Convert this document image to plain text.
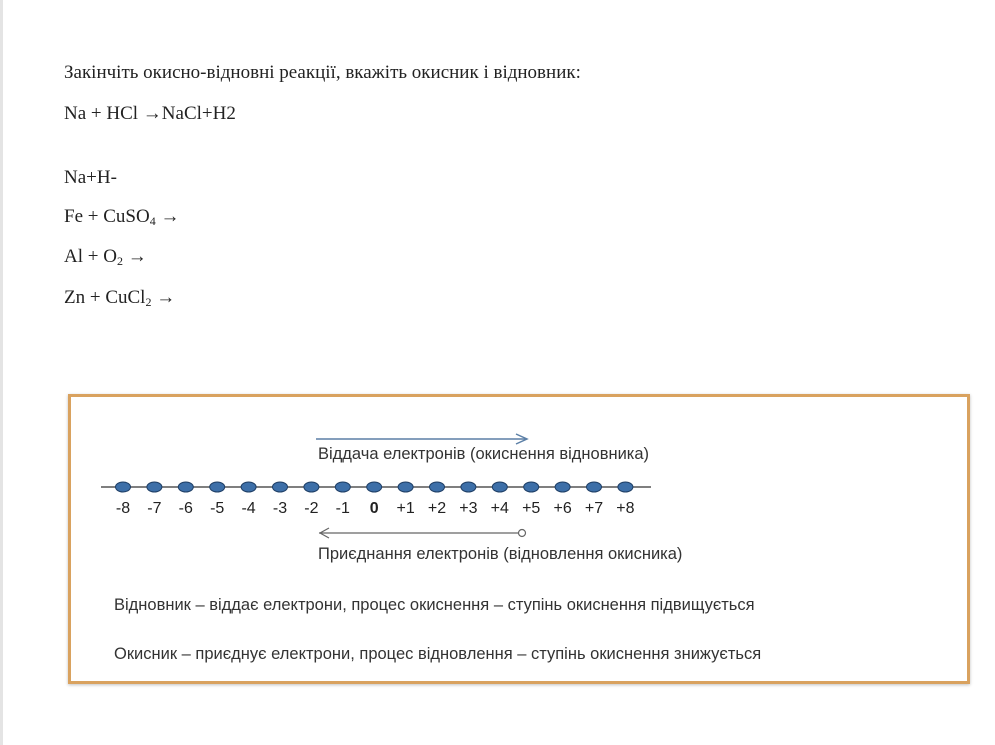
Закінчіть окисно-відновні реакції, вкажіть окисник і відновник:
Na + HCl →NaCl+H2
Na+H-
Fe + CuSO$_4$ →
$Al + O_2$ →
Zn + CuCl$_2$ →
-8 -7 -6 -5 -4 -3 -2 -1 0 +1 +2 +3 +4 +5 +6 +7 +8
Віддача електронів (окиснення відновника)
Приєднання електронів (відновлення окисника)
Відновник – віддає електрони, процес окиснення – ступінь окиснення підвищується
Окисник – приєднує електрони, процес відновлення – ступінь окиснення знижується
